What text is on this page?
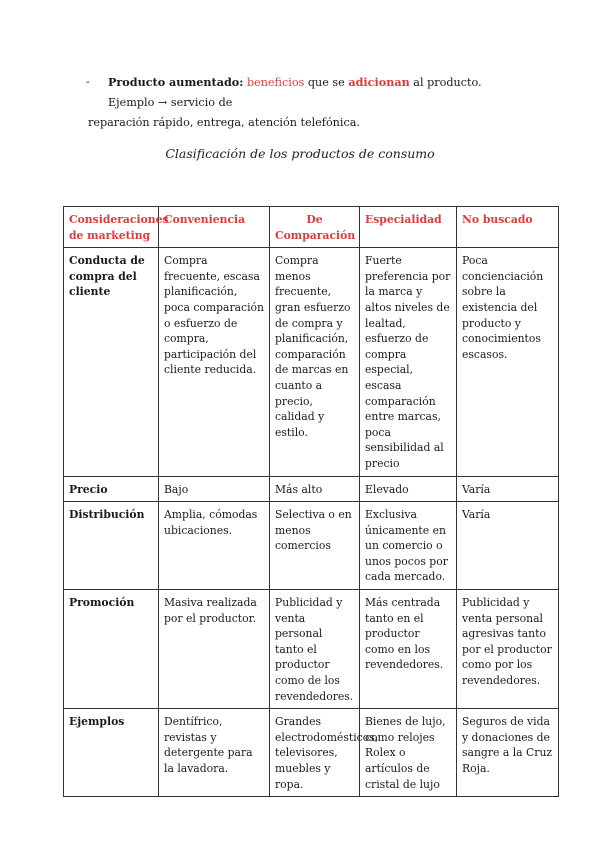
- Producto aumentado: beneficios que se adicionan al producto. Ejemplo → servicio de
reparación rápido, entrega, atención telefónica.
Clasificación de los productos de consumo
Consideraciones de marketing	Conveniencia	De Comparación	Especialidad	No buscado
Conducta de compra del cliente	Compra frecuente, escasa planificación, poca comparación o esfuerzo de compra, participación del cliente reducida.	Compra menos frecuente, gran esfuerzo de compra y planificación, comparación de marcas en cuanto a precio, calidad y estilo.	Fuerte preferencia por la marca y altos niveles de lealtad, esfuerzo de compra especial, escasa comparación entre marcas, poca sensibilidad al precio	Poca concienciación sobre la existencia del producto y conocimientos escasos.
Precio	Bajo	Más alto	Elevado	Varía
Distribución	Amplia, cómodas ubicaciones.	Selectiva o en menos comercios	Exclusiva únicamente en un comercio o unos pocos por cada mercado.	Varía
Promoción	Masiva realizada por el productor.	Publicidad y venta personal tanto el productor como de los revendedores.	Más centrada tanto en el productor como en los revendedores.	Publicidad y venta personal agresivas tanto por el productor como por los revendedores.
Ejemplos	Dentífrico, revistas y detergente para la lavadora.	Grandes electrodomésticos, televisores, muebles y ropa.	Bienes de lujo, como relojes Rolex o artículos de cristal de lujo	Seguros de vida y donaciones de sangre a la Cruz Roja.
